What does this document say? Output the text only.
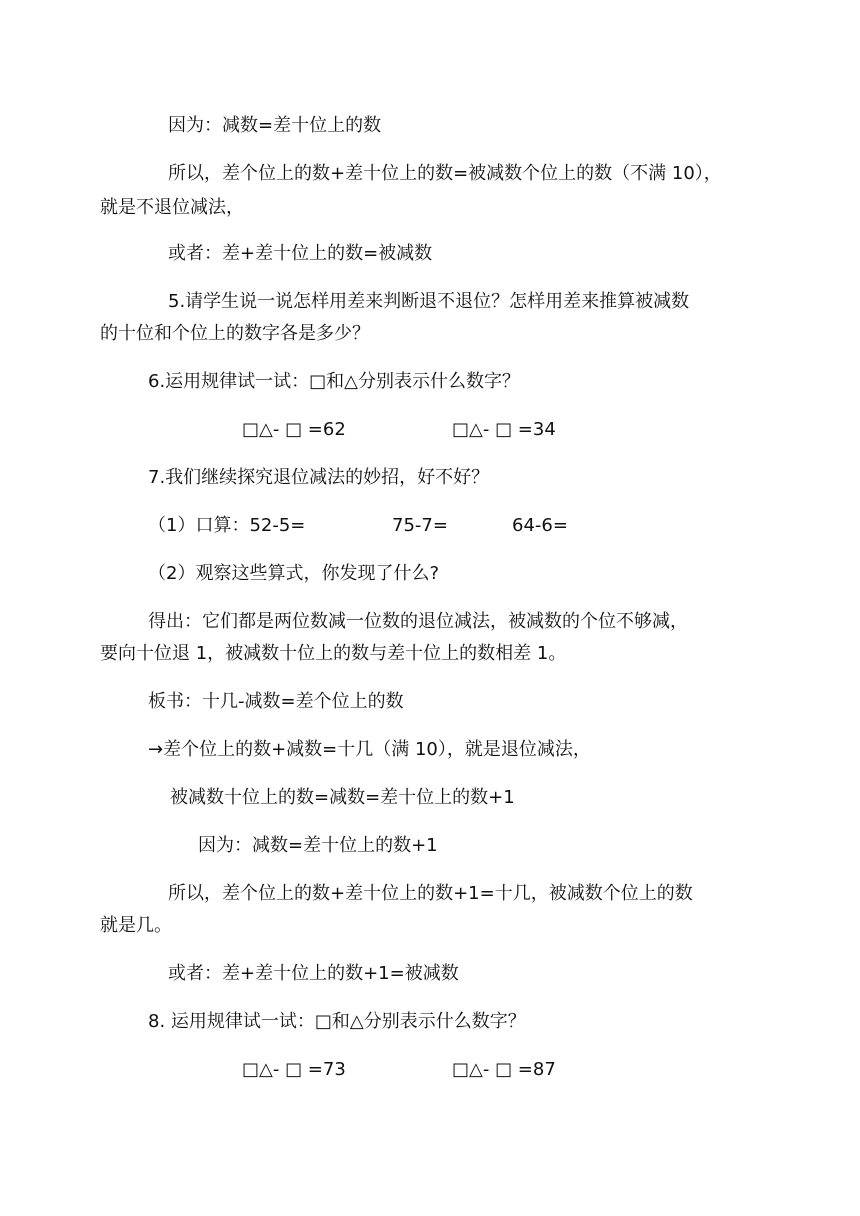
因为：减数=差十位上的数
所以，差个位上的数+差十位上的数=被减数个位上的数（不满 10），
就是不退位减法，
或者：差+差十位上的数=被减数
5.请学生说一说怎样用差来判断退不退位？怎样用差来推算被减数
的十位和个位上的数字各是多少？
6.运用规律试一试：□和△分别表示什么数字？
□△- □ =62	□△- □ =34
7.我们继续探究退位减法的妙招，好不好？
（1）口算：52-5=	75-7=	64-6=
（2）观察这些算式，你发现了什么?
得出：它们都是两位数减一位数的退位减法，被减数的个位不够减，
要向十位退 1，被减数十位上的数与差十位上的数相差 1。
板书：十几-减数=差个位上的数
→差个位上的数+减数=十几（满 10），就是退位减法，
被减数十位上的数=减数=差十位上的数+1
因为：减数=差十位上的数+1
所以，差个位上的数+差十位上的数+1=十几，被减数个位上的数
就是几。
或者：差+差十位上的数+1=被减数
8. 运用规律试一试：□和△分别表示什么数字？
□△- □ =73	□△- □ =87
